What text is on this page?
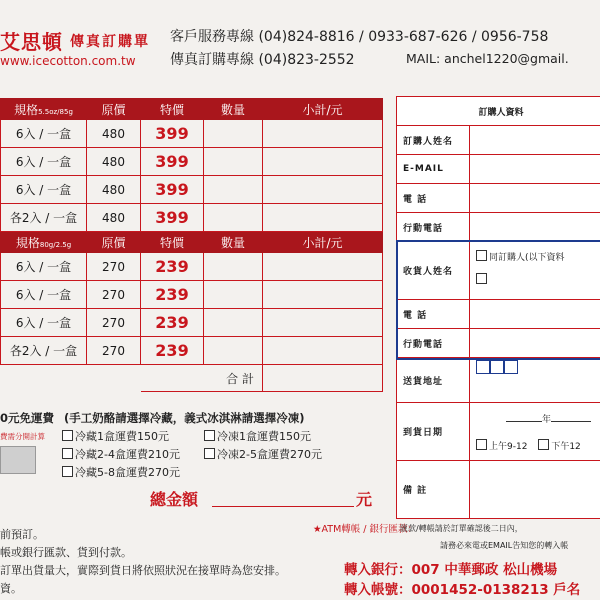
艾思頓 傳真訂購單
www.icecotton.com.tw
客戶服務專線 (04)824-8816 / 0933-687-626 / 0956-758
傳真訂購專線 (04)823-2552	MAIL: anchel1220@gmail.
規格5.5oz/85g	原價	特價	數量	小計/元
6入 / 一盒	480	399		
6入 / 一盒	480	399		
6入 / 一盒	480	399		
各2入 / 一盒	480	399		
規格80g/2.5g	原價	特價	數量	小計/元
6入 / 一盒	270	239		
6入 / 一盒	270	239		
6入 / 一盒	270	239		
各2入 / 一盒	270	239		
		合 計		
0元免運費 (手工奶酪請選擇冷藏，義式冰淇淋請選擇冷凍)
費需分開計算	冷藏1盒運費150元	冷凍1盒運費150元
冷藏2-4盒運費210元	冷凍2-5盒運費270元
冷藏5-8盒運費270元
總金額	元
前預訂。
帳或銀行匯款、貨到付款。
訂單出貨量大，實際到貨日將依照狀況在接單時為您安排。
資。
訂購人資料	
訂購人姓名	
E-MAIL	
電 話	
行動電話	
收貨人姓名	同訂購人(以下資料

電 話	
行動電話	
送貨地址	
到貨日期	年
上午9-12 下午12

備 註	
★ATM轉帳 / 銀行匯款：
匯款/轉帳請於訂單確認後二日內，
請務必來電或EMAIL告知您的轉入帳
轉入銀行：007 中華郵政 松山機場
轉入帳號：0001452-0138213 戶名
